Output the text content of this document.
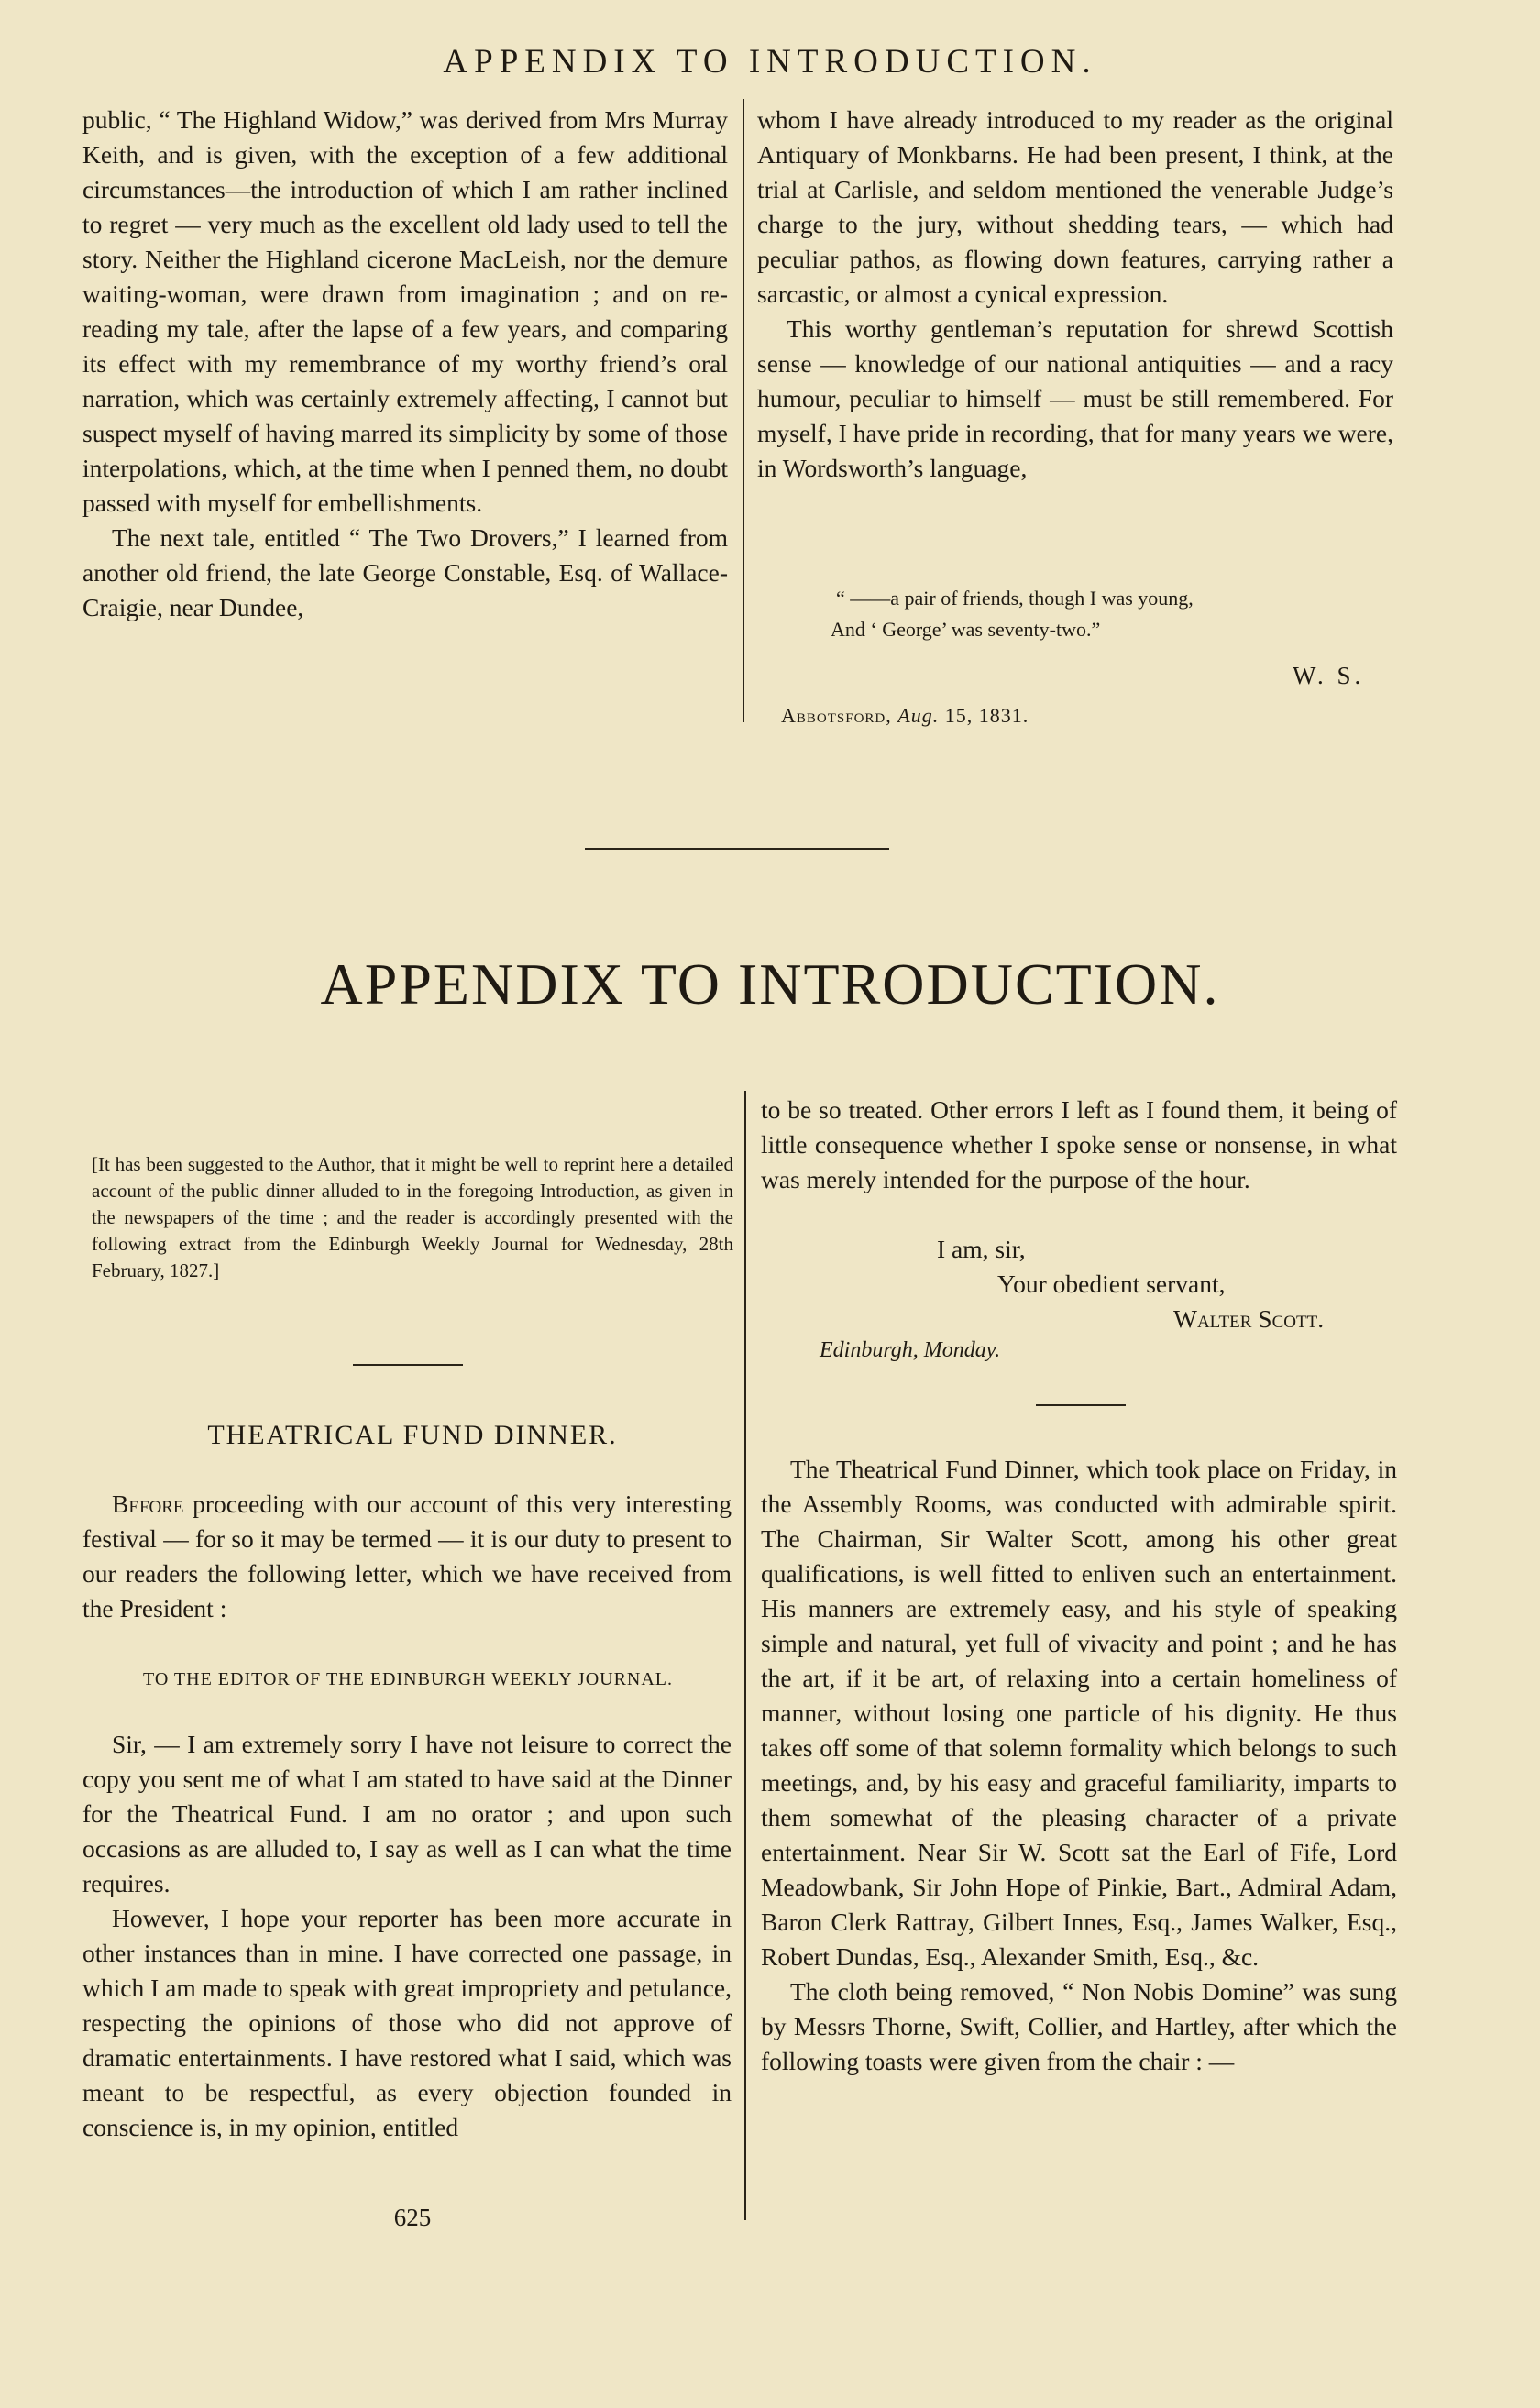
APPENDIX TO INTRODUCTION.

public, “ The Highland Widow,” was derived from Mrs Murray Keith, and is given, with the exception of a few additional circumstances—the introduction of which I am rather inclined to regret — very much as the excellent old lady used to tell the story. Neither the Highland cicerone MacLeish, nor the demure waiting-woman, were drawn from imagination ; and on re-reading my tale, after the lapse of a few years, and comparing its effect with my remembrance of my worthy friend’s oral narration, which was certainly extremely affecting, I cannot but suspect myself of having marred its simplicity by some of those interpolations, which, at the time when I penned them, no doubt passed with myself for embellishments.

The next tale, entitled “ The Two Drovers,” I learned from another old friend, the late George Constable, Esq. of Wallace-Craigie, near Dundee,

whom I have already introduced to my reader as the original Antiquary of Monkbarns. He had been present, I think, at the trial at Carlisle, and seldom mentioned the venerable Judge’s charge to the jury, without shedding tears, — which had peculiar pathos, as flowing down features, carrying rather a sarcastic, or almost a cynical expression.

This worthy gentleman’s reputation for shrewd Scottish sense — knowledge of our national antiquities — and a racy humour, peculiar to himself — must be still remembered. For myself, I have pride in recording, that for many years we were, in Wordsworth’s language,

“ ——a pair of friends, though I was young,
And ‘ George’ was seventy-two.”
W. S.
Abbotsford, Aug. 15, 1831.
APPENDIX TO INTRODUCTION.
[It has been suggested to the Author, that it might be well to reprint here a detailed account of the public dinner alluded to in the foregoing Introduction, as given in the newspapers of the time ; and the reader is accordingly presented with the following extract from the Edinburgh Weekly Journal for Wednesday, 28th February, 1827.]
THEATRICAL FUND DINNER.

Before proceeding with our account of this very interesting festival — for so it may be termed — it is our duty to present to our readers the following letter, which we have received from the President :

TO THE EDITOR OF THE EDINBURGH WEEKLY JOURNAL.

Sir, — I am extremely sorry I have not leisure to correct the copy you sent me of what I am stated to have said at the Dinner for the Theatrical Fund. I am no orator ; and upon such occasions as are alluded to, I say as well as I can what the time requires.

However, I hope your reporter has been more accurate in other instances than in mine. I have corrected one passage, in which I am made to speak with great impropriety and petulance, respecting the opinions of those who did not approve of dramatic entertainments. I have restored what I said, which was meant to be respectful, as every objection founded in conscience is, in my opinion, entitled

625

to be so treated. Other errors I left as I found them, it being of little consequence whether I spoke sense or nonsense, in what was merely intended for the purpose of the hour.

I am, sir,
Your obedient servant,
Walter Scott.
Edinburgh, Monday.

The Theatrical Fund Dinner, which took place on Friday, in the Assembly Rooms, was conducted with admirable spirit. The Chairman, Sir Walter Scott, among his other great qualifications, is well fitted to enliven such an entertainment. His manners are extremely easy, and his style of speaking simple and natural, yet full of vivacity and point ; and he has the art, if it be art, of relaxing into a certain homeliness of manner, without losing one particle of his dignity. He thus takes off some of that solemn formality which belongs to such meetings, and, by his easy and graceful familiarity, imparts to them somewhat of the pleasing character of a private entertainment. Near Sir W. Scott sat the Earl of Fife, Lord Meadowbank, Sir John Hope of Pinkie, Bart., Admiral Adam, Baron Clerk Rattray, Gilbert Innes, Esq., James Walker, Esq., Robert Dundas, Esq., Alexander Smith, Esq., &c.

The cloth being removed, “ Non Nobis Domine” was sung by Messrs Thorne, Swift, Collier, and Hartley, after which the following toasts were given from the chair : —
